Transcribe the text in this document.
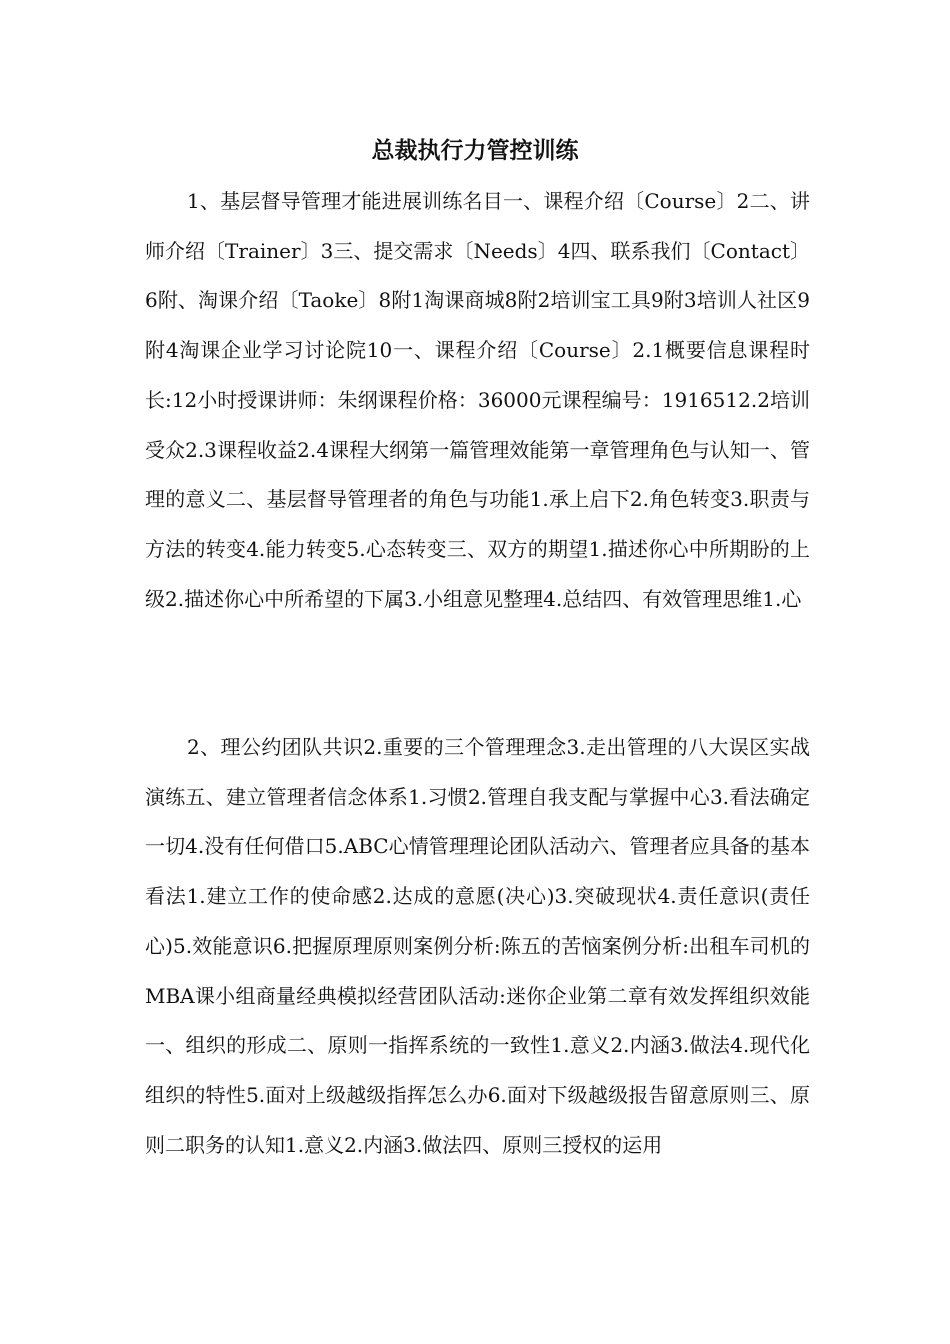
总裁执行力管控训练

1、基层督导管理才能进展训练名目一、课程介绍〔Course〕2二、讲师介绍〔Trainer〕3三、提交需求〔Needs〕4四、联系我们〔Contact〕6附、淘课介绍〔Taoke〕8附1淘课商城8附2培训宝工具9附3培训人社区9附4淘课企业学习讨论院10一、课程介绍〔Course〕2.1概要信息课程时长:12小时授课讲师：朱纲课程价格：36000元课程编号：1916512.2培训受众2.3课程收益2.4课程大纲第一篇管理效能第一章管理角色与认知一、管理的意义二、基层督导管理者的角色与功能1.承上启下2.角色转变3.职责与方法的转变4.能力转变5.心态转变三、双方的期望1.描述你心中所期盼的上级2.描述你心中所希望的下属3.小组意见整理4.总结四、有效管理思维1.心

2、理公约团队共识2.重要的三个管理理念3.走出管理的八大误区实战演练五、建立管理者信念体系1.习惯2.管理自我支配与掌握中心3.看法确定一切4.没有任何借口5.ABC心情管理理论团队活动六、管理者应具备的基本看法1.建立工作的使命感2.达成的意愿(决心)3.突破现状4.责任意识(责任心)5.效能意识6.把握原理原则案例分析:陈五的苦恼案例分析:出租车司机的MBA课小组商量经典模拟经营团队活动:迷你企业第二章有效发挥组织效能一、组织的形成二、原则一指挥系统的一致性1.意义2.内涵3.做法4.现代化组织的特性5.面对上级越级指挥怎么办6.面对下级越级报告留意原则三、原则二职务的认知1.意义2.内涵3.做法四、原则三授权的运用
